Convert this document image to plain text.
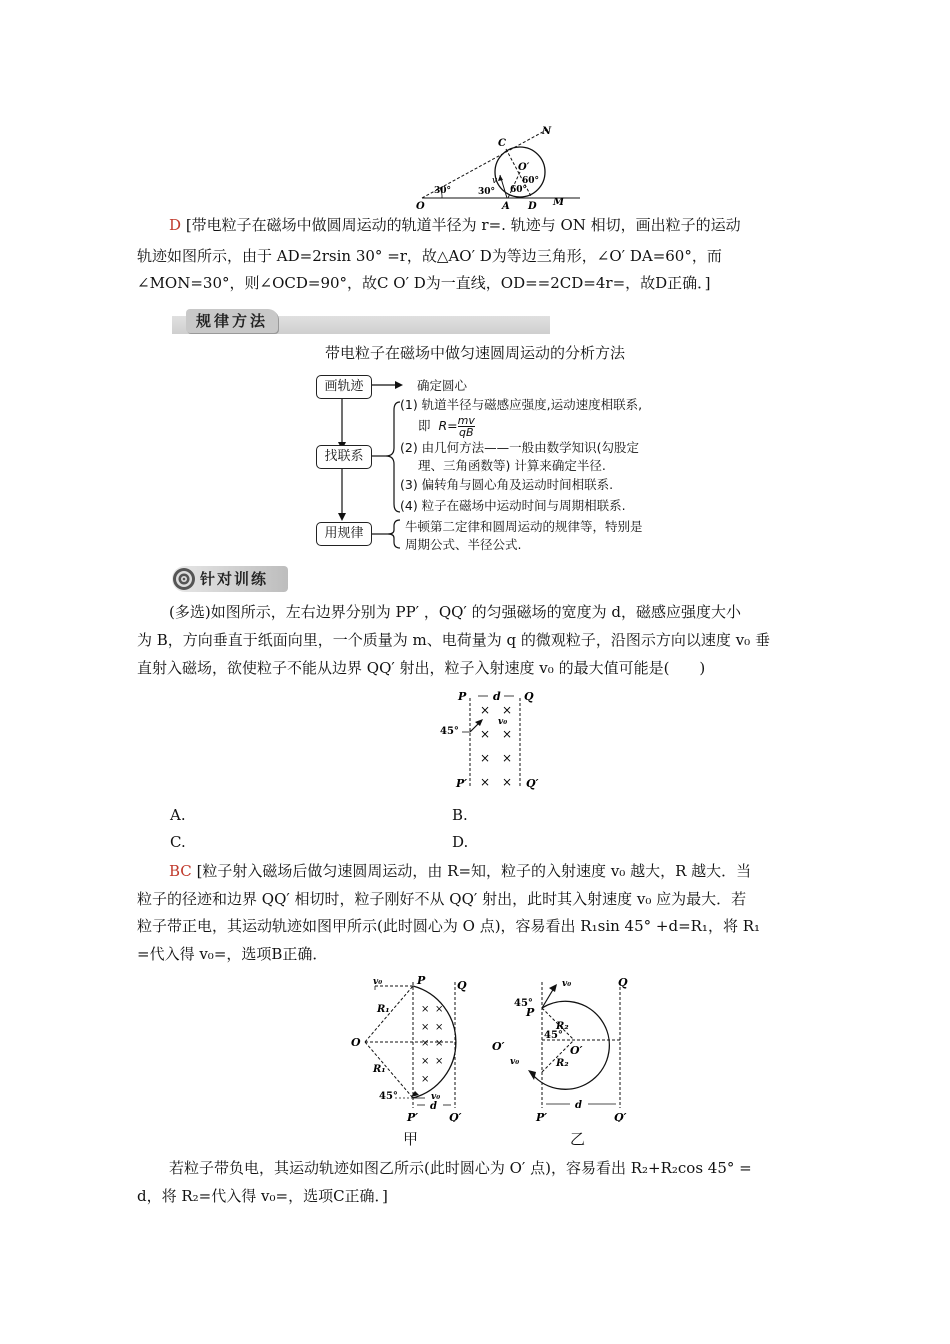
C
N
O′
v	60°
60°
30°	30°
O	A D M
D [带电粒子在磁场中做圆周运动的轨道半径为 r=. 轨迹与 ON 相切，画出粒子的运动
轨迹如图所示，由于 AD=2rsin 30° =r，故△AO′ D为等边三角形，∠O′ DA=60°，而
∠MON=30°，则∠OCD=90°，故C O′ D为一直线，OD==2CD=4r=，故D正确．]
规律方法
带电粒子在磁场中做匀速圆周运动的分析方法
画轨迹
找联系
用规律
确定圆心
(1) 轨道半径与磁感应强度,运动速度相联系,
即 $R= \frac{mv}{qB}$
(2) 由几何方法——一般由数学知识(勾股定
理、三角函数等) 计算来确定半径.
(3) 偏转角与圆心角及运动时间相联系.
(4) 粒子在磁场中运动时间与周期相联系.
牛顿第二定律和圆周运动的规律等，特别是
周期公式、半径公式.
针对训练
(多选)如图所示，左右边界分别为 PP′ ，QQ′ 的匀强磁场的宽度为 d，磁感应强度大小
为 B，方向垂直于纸面向里，一个质量为 m、电荷量为 q 的微观粒子，沿图示方向以速度 v₀ 垂
直射入磁场，欲使粒子不能从边界 QQ′ 射出，粒子入射速度 v₀ 的最大值可能是(　　)
P d Q
v₀
45°
P′	Q′
× ×
×
×
× ×
× ×
A.	B.
C.	D.
BC [粒子射入磁场后做匀速圆周运动，由 R=知，粒子的入射速度 v₀ 越大，R 越大．当
粒子的径迹和边界 QQ′ 相切时，粒子刚好不从 QQ′ 射出，此时其入射速度 v₀ 应为最大．若
粒子带正电，其运动轨迹如图甲所示(此时圆心为 O 点)，容易看出 R₁sin 45° +d=R₁，将 R₁
=代入得 v₀=，选项B正确．
v₀	P	Q
R₁
O
R₁
45°	v₀
d
P′	Q′
× ×
× ×
× ×
× ×
×
甲
v₀
45°
P
Q
R₂
45°
O′
O′
v₀	R₂
d
P′	Q′
乙
若粒子带负电，其运动轨迹如图乙所示(此时圆心为 O′ 点)，容易看出 R₂+R₂cos 45° =
d，将 R₂=代入得 v₀=，选项C正确．]
